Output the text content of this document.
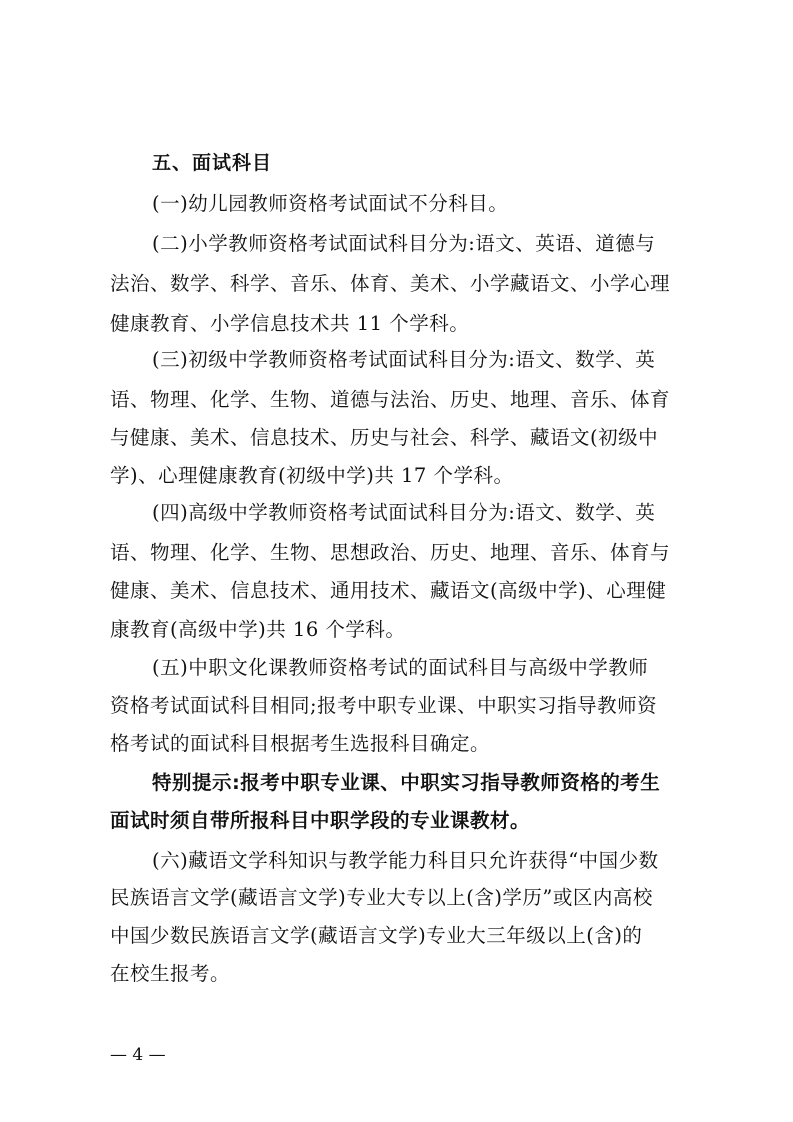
五、面试科目
(一)幼儿园教师资格考试面试不分科目。
(二)小学教师资格考试面试科目分为:语文、英语、道德与
法治、数学、科学、音乐、体育、美术、小学藏语文、小学心理
健康教育、小学信息技术共 11 个学科。
(三)初级中学教师资格考试面试科目分为:语文、数学、英
语、物理、化学、生物、道德与法治、历史、地理、音乐、体育
与健康、美术、信息技术、历史与社会、科学、藏语文(初级中
学)、心理健康教育(初级中学)共 17 个学科。
(四)高级中学教师资格考试面试科目分为:语文、数学、英
语、物理、化学、生物、思想政治、历史、地理、音乐、体育与
健康、美术、信息技术、通用技术、藏语文(高级中学)、心理健
康教育(高级中学)共 16 个学科。
(五)中职文化课教师资格考试的面试科目与高级中学教师
资格考试面试科目相同;报考中职专业课、中职实习指导教师资
格考试的面试科目根据考生选报科目确定。
特别提示:报考中职专业课、中职实习指导教师资格的考生
面试时须自带所报科目中职学段的专业课教材。
(六)藏语文学科知识与教学能力科目只允许获得“中国少数
民族语言文学(藏语言文学)专业大专以上(含)学历”或区内高校
中国少数民族语言文学(藏语言文学)专业大三年级以上(含)的
在校生报考。
— 4 —
